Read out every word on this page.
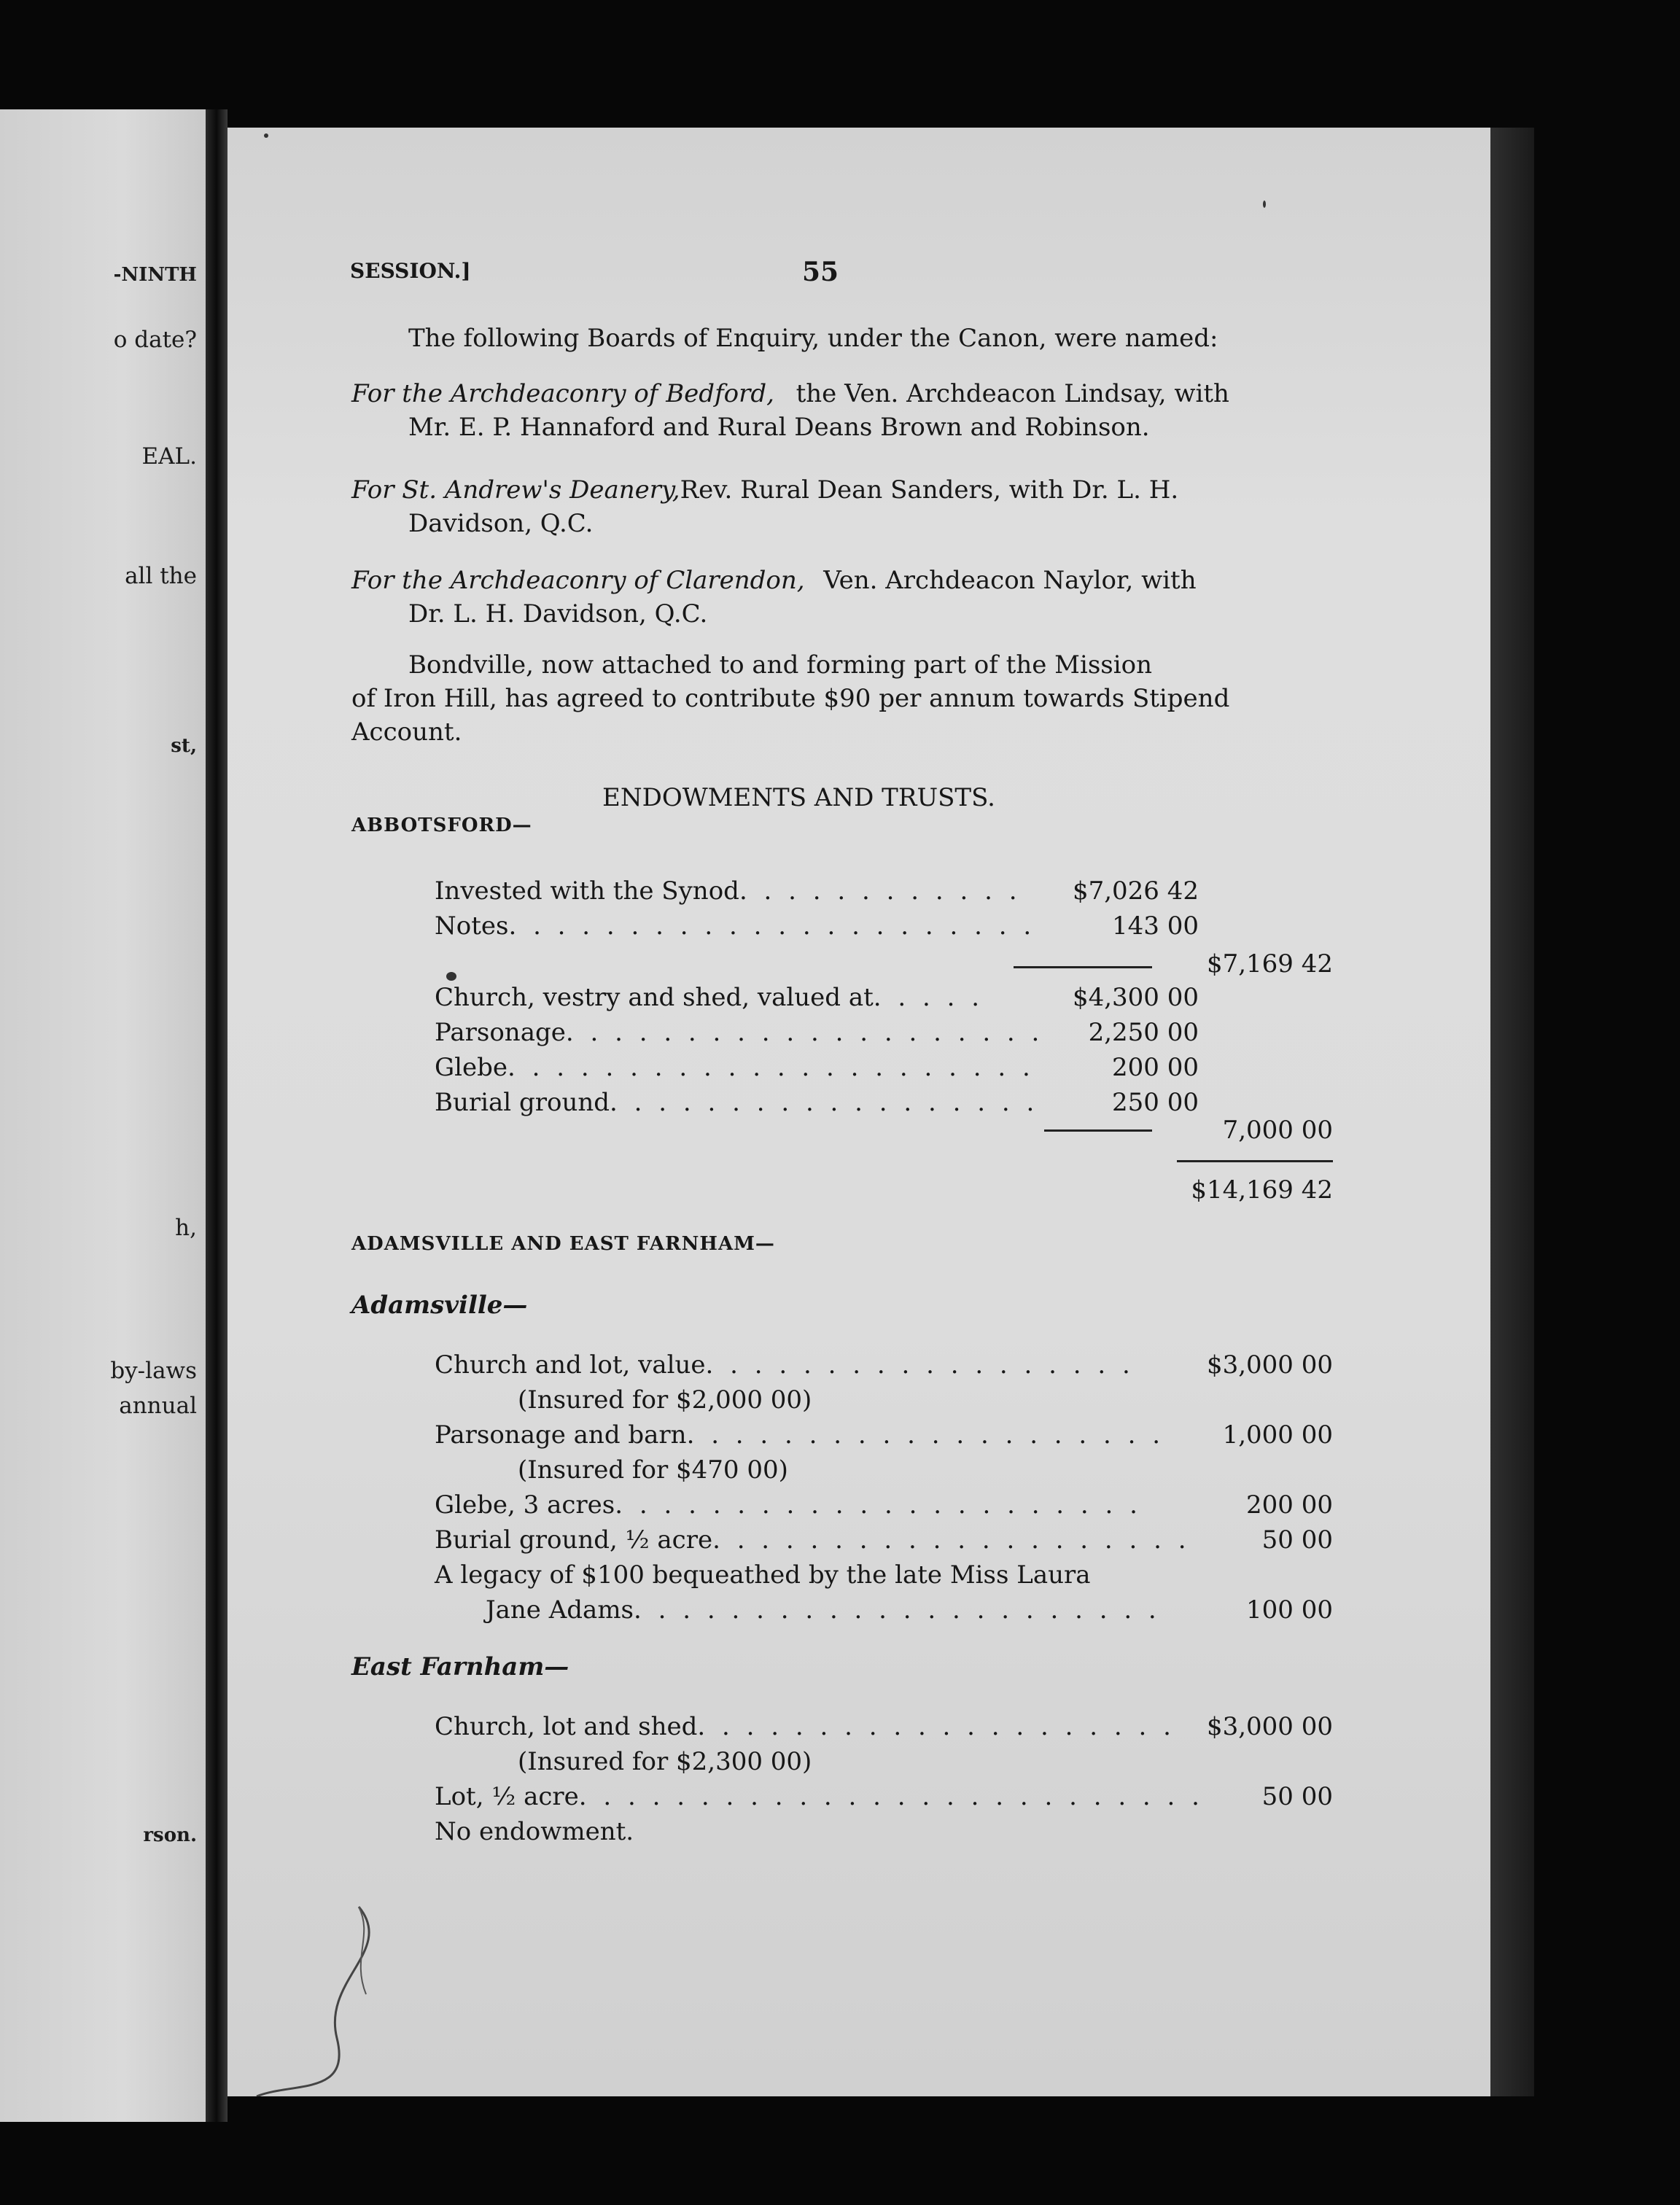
-NINTH
o date?
EAL.
all the
st,
h,
by-laws
annual
rson.
SESSION.]	55
The following Boards of Enquiry, under the Canon, were named:
For the Archdeaconry of Bedford, the Ven. Archdeacon Lindsay, with
Mr. E. P. Hannaford and Rural Deans Brown and Robinson.
For St. Andrew's Deanery,Rev. Rural Dean Sanders, with Dr. L. H.
Davidson, Q.C.
For the Archdeaconry of Clarendon, Ven. Archdeacon Naylor, with
Dr. L. H. Davidson, Q.C.
Bondville, now attached to and forming part of the Mission
of Iron Hill, has agreed to contribute $90 per annum towards Stipend
Account.
ENDOWMENTS AND TRUSTS.
ABBOTSFORD—
Invested with the Synod. . . . . . . . . . . .	$7,026 42
Notes. . . . . . . . . . . . . . . . . . . . . .	143 00
$7,169 42
Church, vestry and shed, valued at. . . . .	$4,300 00
Parsonage. . . . . . . . . . . . . . . . . . . .	2,250 00
Glebe. . . . . . . . . . . . . . . . . . . . . .	200 00
Burial ground. . . . . . . . . . . . . . . . . .	250 00
7,000 00
$14,169 42
ADAMSVILLE AND EAST FARNHAM—
Adamsville—
Church and lot, value. . . . . . . . . . . . . . . . . .	$3,000 00
(Insured for $2,000 00)
Parsonage and barn. . . . . . . . . . . . . . . . . . . .	1,000 00
(Insured for $470 00)
Glebe, 3 acres. . . . . . . . . . . . . . . . . . . . . .	200 00
Burial ground, ½ acre. . . . . . . . . . . . . . . . . . . .	50 00
A legacy of $100 bequeathed by the late Miss Laura
Jane Adams. . . . . . . . . . . . . . . . . . . . . .	100 00
East Farnham—
Church, lot and shed. . . . . . . . . . . . . . . . . . . .	$3,000 00
(Insured for $2,300 00)
Lot, ½ acre. . . . . . . . . . . . . . . . . . . . . . . . . .	50 00
No endowment.
